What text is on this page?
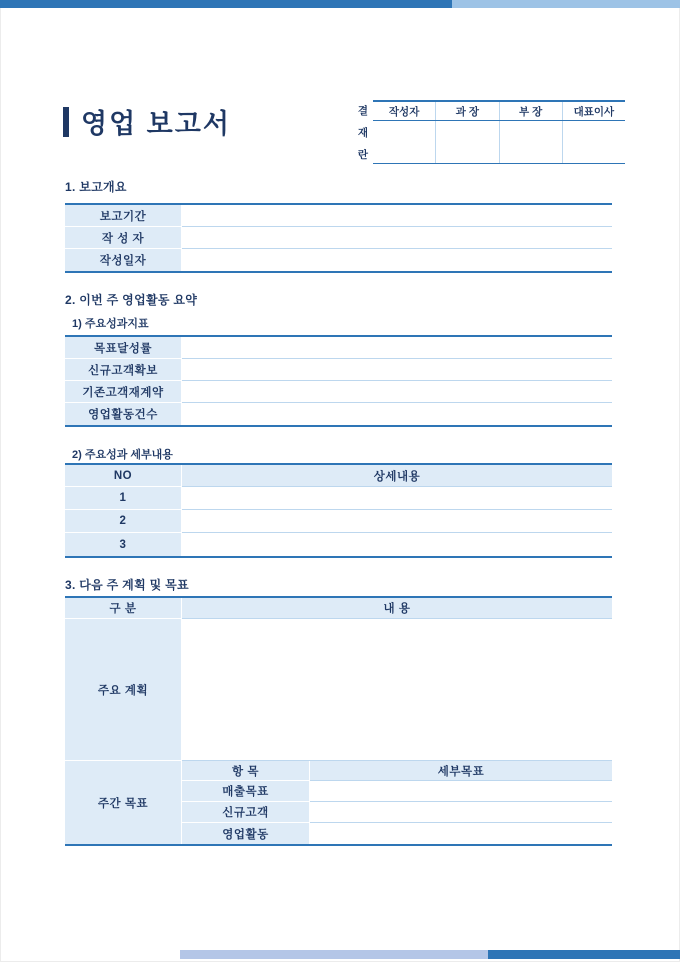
영업 보고서	결
재
란
작성자	과 장	부 장	대표이사
1. 보고개요
보고기간
작 성 자
작성일자
2. 이번 주 영업활동 요약
1) 주요성과지표
목표달성률
신규고객확보
기존고객재계약
영업활동건수
2) 주요성과 세부내용
NO	상세내용
1
2
3
3. 다음 주 계획 및 목표
구 분	내 용
주요 계획
주간 목표
항 목	세부목표
매출목표
신규고객
영업활동
